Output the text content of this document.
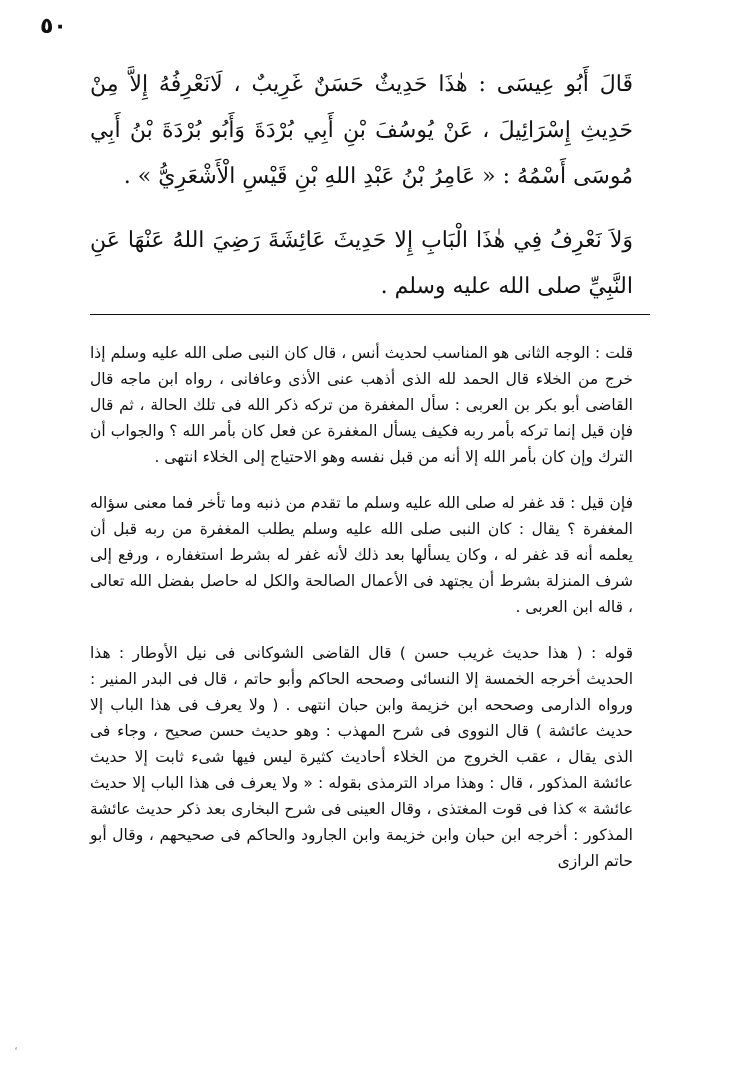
٥٠

قَالَ أَبُو عِيسَى : هٰذَا حَدِيثٌ حَسَنٌ غَرِيبٌ ، لَانَعْرِفُهُ إِلاَّ مِنْ حَدِيثِ إِسْرَائِيلَ ، عَنْ يُوسُفَ بْنِ أَبِي بُرْدَةَ وَأَبُو بُرْدَةَ بْنُ أَبِي مُوسَى أَسْمُهُ : « عَامِرُ بْنُ عَبْدِ اللهِ بْنِ قَيْسِ الْأَشْعَرِيُّ » .

وَلاَ نَعْرِفُ فِي هٰذَا الْبَابِ إِلا حَدِيثَ عَائِشَةَ رَضِيَ اللهُ عَنْهَا عَنِ النَّبِيِّ صلى الله عليه وسلم .

قلت : الوجه الثانى هو المناسب لحديث أنس ، قال كان النبى صلى الله عليه وسلم إذا خرج من الخلاء قال الحمد لله الذى أذهب عنى الأذى وعافانى ، رواه ابن ماجه قال القاضى أبو بكر بن العربى : سأل المغفرة من تركه ذكر الله فى تلك الحالة ، ثم قال فإن قيل إنما تركه بأمر ربه فكيف يسأل المغفرة عن فعل كان بأمر الله ؟ والجواب أن الترك وإن كان بأمر الله إلا أنه من قبل نفسه وهو الاحتياج إلى الخلاء انتهى .

فإن قيل : قد غفر له صلى الله عليه وسلم ما تقدم من ذنبه وما تأخر فما معنى سؤاله المغفرة ؟ يقال : كان النبى صلى الله عليه وسلم يطلب المغفرة من ربه قبل أن يعلمه أنه قد غفر له ، وكان يسألها بعد ذلك لأنه غفر له بشرط استغفاره ، ورفع إلى شرف المنزلة بشرط أن يجتهد فى الأعمال الصالحة والكل له حاصل بفضل الله تعالى ، قاله ابن العربى .

قوله : ( هذا حديث غريب حسن ) قال القاضى الشوكانى فى نيل الأوطار : هذا الحديث أخرجه الخمسة إلا النسائى وصححه الحاكم وأبو حاتم ، قال فى البدر المنير : ورواه الدارمى وصححه ابن خزيمة وابن حبان انتهى . ( ولا يعرف فى هذا الباب إلا حديث عائشة ) قال النووى فى شرح المهذب : وهو حديث حسن صحيح ، وجاء فى الذى يقال ، عقب الخروج من الخلاء أحاديث كثيرة ليس فيها شىء ثابت إلا حديث عائشة المذكور ، قال : وهذا مراد الترمذى بقوله : « ولا يعرف فى هذا الباب إلا حديث عائشة » كذا فى قوت المغتذى ، وقال العينى فى شرح البخارى بعد ذكر حديث عائشة المذكور : أخرجه ابن حبان وابن خزيمة وابن الجارود والحاكم فى صحيحهم ، وقال أبو حاتم الرازى
